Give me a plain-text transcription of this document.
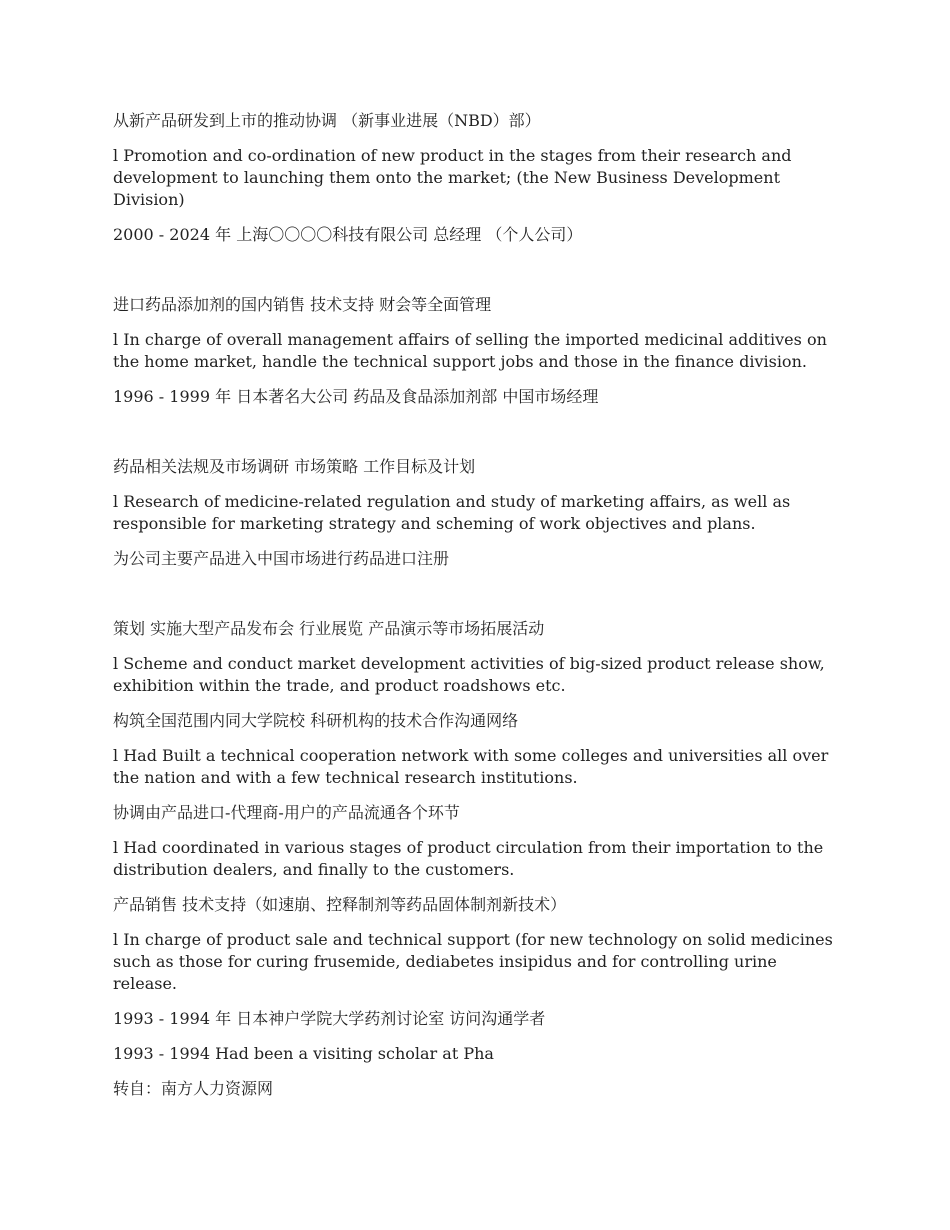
从新产品研发到上市的推动协调 （新事业进展（NBD）部）

l Promotion and co-ordination of new product in the stages from their research and development to launching them onto the market; (the New Business Development Division)

2000 - 2024 年 上海〇〇〇〇科技有限公司 总经理 （个人公司）

进口药品添加剂的国内销售 技术支持 财会等全面管理

l In charge of overall management affairs of selling the imported medicinal additives on the home market, handle the technical support jobs and those in the finance division.

1996 - 1999 年 日本著名大公司 药品及食品添加剂部 中国市场经理

药品相关法规及市场调研 市场策略 工作目标及计划

l Research of medicine-related regulation and study of marketing affairs, as well as responsible for marketing strategy and scheming of work objectives and plans.

为公司主要产品进入中国市场进行药品进口注册

策划 实施大型产品发布会 行业展览 产品演示等市场拓展活动

l Scheme and conduct market development activities of big-sized product release show, exhibition within the trade, and product roadshows etc.

构筑全国范围内同大学院校 科研机构的技术合作沟通网络

l Had Built a technical cooperation network with some colleges and universities all over the nation and with a few technical research institutions.

协调由产品进口-代理商-用户的产品流通各个环节

l Had coordinated in various stages of product circulation from their importation to the distribution dealers, and finally to the customers.

产品销售 技术支持（如速崩、控释制剂等药品固体制剂新技术）

l In charge of product sale and technical support (for new technology on solid medicines such as those for curing frusemide, dediabetes insipidus and for controlling urine release.

1993 - 1994 年 日本神户学院大学药剂讨论室 访问沟通学者

1993 - 1994 Had been a visiting scholar at Pha

转自：南方人力资源网
